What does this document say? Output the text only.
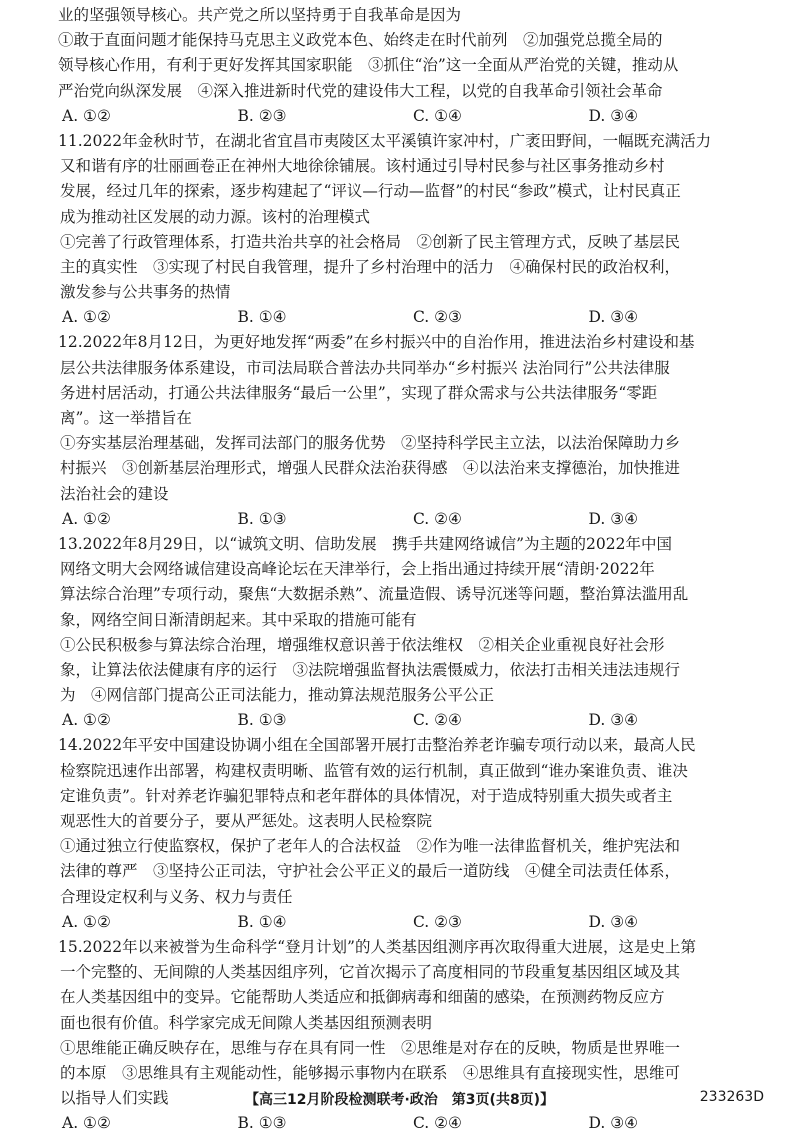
业的坚强领导核心。共产党之所以坚持勇于自我革命是因为
①敢于直面问题才能保持马克思主义政党本色、始终走在时代前列　②加强党总揽全局的
领导核心作用，有利于更好发挥其国家职能　③抓住“治”这一全面从严治党的关键，推动从
严治党向纵深发展　④深入推进新时代党的建设伟大工程，以党的自我革命引领社会革命
A. ①②	B. ②③	C. ①④	D. ③④
11.2022年金秋时节，在湖北省宜昌市夷陵区太平溪镇许家冲村，广袤田野间，一幅既充满活力
又和谐有序的壮丽画卷正在神州大地徐徐铺展。该村通过引导村民参与社区事务推动乡村
发展，经过几年的探索，逐步构建起了“评议—行动—监督”的村民“参政”模式，让村民真正
成为推动社区发展的动力源。该村的治理模式
①完善了行政管理体系，打造共治共享的社会格局　②创新了民主管理方式，反映了基层民
主的真实性　③实现了村民自我管理，提升了乡村治理中的活力　④确保村民的政治权利，
激发参与公共事务的热情
A. ①②	B. ①④	C. ②③	D. ③④
12.2022年8月12日，为更好地发挥“两委”在乡村振兴中的自治作用，推进法治乡村建设和基
层公共法律服务体系建设，市司法局联合普法办共同举办“乡村振兴 法治同行”公共法律服
务进村居活动，打通公共法律服务“最后一公里”，实现了群众需求与公共法律服务“零距
离”。这一举措旨在
①夯实基层治理基础，发挥司法部门的服务优势　②坚持科学民主立法，以法治保障助力乡
村振兴　③创新基层治理形式，增强人民群众法治获得感　④以法治来支撑德治，加快推进
法治社会的建设
A. ①②	B. ①③	C. ②④	D. ③④
13.2022年8月29日，以“诚筑文明、信助发展　携手共建网络诚信”为主题的2022年中国
网络文明大会网络诚信建设高峰论坛在天津举行，会上指出通过持续开展“清朗·2022年
算法综合治理”专项行动，聚焦“大数据杀熟”、流量造假、诱导沉迷等问题，整治算法滥用乱
象，网络空间日渐清朗起来。其中采取的措施可能有
①公民积极参与算法综合治理，增强维权意识善于依法维权　②相关企业重视良好社会形
象，让算法依法健康有序的运行　③法院增强监督执法震慑威力，依法打击相关违法违规行
为　④网信部门提高公正司法能力，推动算法规范服务公平公正
A. ①②	B. ①③	C. ②④	D. ③④
14.2022年平安中国建设协调小组在全国部署开展打击整治养老诈骗专项行动以来，最高人民
检察院迅速作出部署，构建权责明晰、监管有效的运行机制，真正做到“谁办案谁负责、谁决
定谁负责”。针对养老诈骗犯罪特点和老年群体的具体情况，对于造成特别重大损失或者主
观恶性大的首要分子，要从严惩处。这表明人民检察院
①通过独立行使监察权，保护了老年人的合法权益　②作为唯一法律监督机关，维护宪法和
法律的尊严　③坚持公正司法，守护社会公平正义的最后一道防线　④健全司法责任体系，
合理设定权利与义务、权力与责任
A. ①②	B. ①④	C. ②③	D. ③④
15.2022年以来被誉为生命科学“登月计划”的人类基因组测序再次取得重大进展，这是史上第
一个完整的、无间隙的人类基因组序列，它首次揭示了高度相同的节段重复基因组区域及其
在人类基因组中的变异。它能帮助人类适应和抵御病毒和细菌的感染，在预测药物反应方
面也很有价值。科学家完成无间隙人类基因组预测表明
①思维能正确反映存在，思维与存在具有同一性　②思维是对存在的反映，物质是世界唯一
的本原　③思维具有主观能动性，能够揭示事物内在联系　④思维具有直接现实性，思维可
以指导人们实践
A. ①②	B. ①③	C. ②④	D. ③④
【高三12月阶段检测联考·政治　第3页(共8页)】	233263D
